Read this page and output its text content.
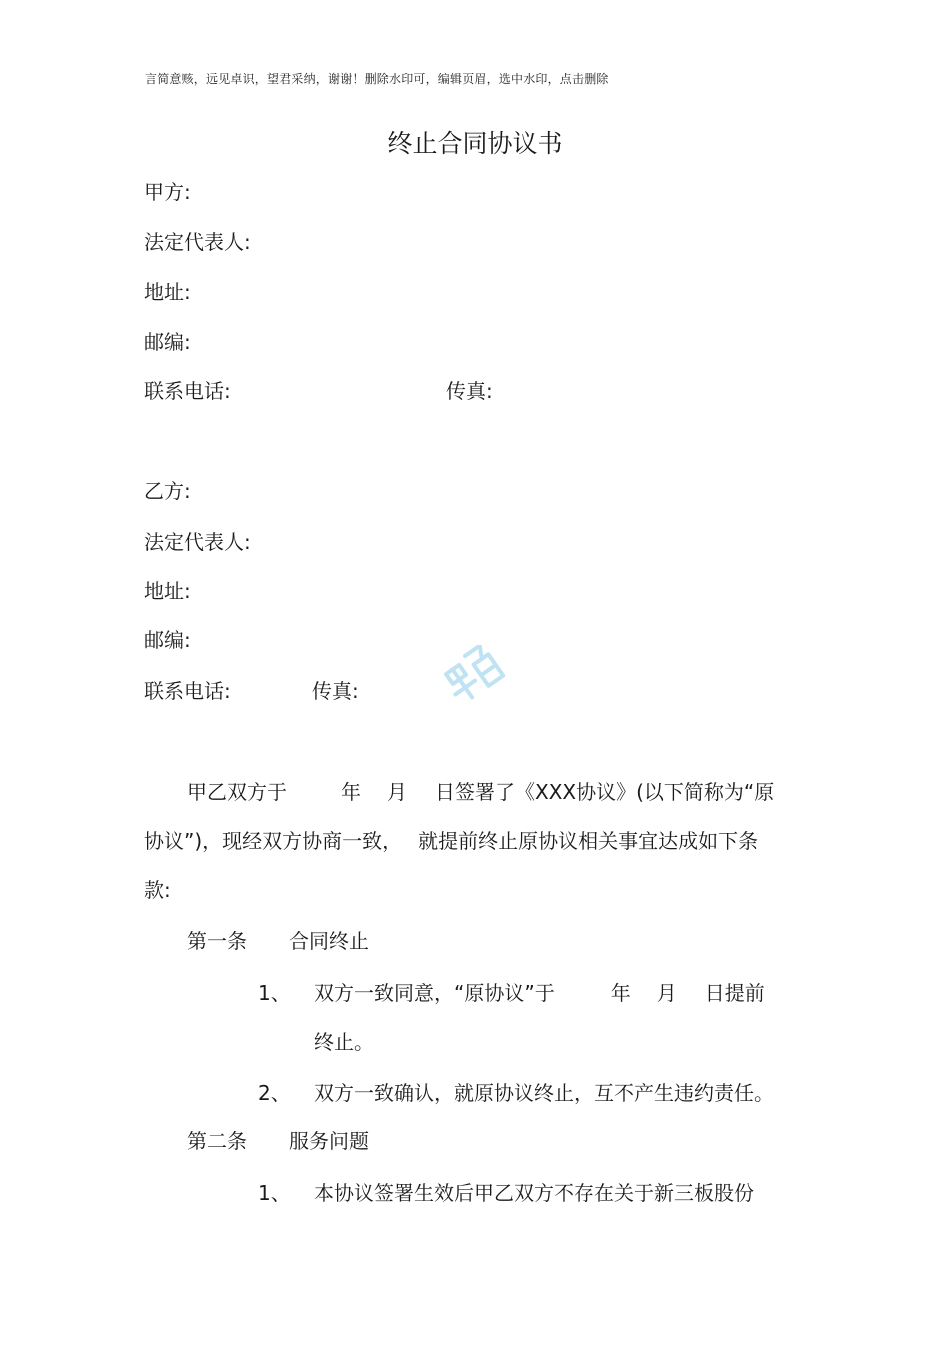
言简意赅，远见卓识，望君采纳，谢谢！删除水印可，编辑页眉，选中水印，点击删除
终止合同协议书
甲方:
法定代表人:
地址:
邮编:
联系电话:	传真:
乙方:
法定代表人:
地址:
邮编:
联系电话:	传真:
甲乙双方于	年 月 日签署了《XXX协议》(以下简称为“原
协议”)，现经双方协商一致， 就提前终止原协议相关事宜达成如下条
款:
第一条 合同终止
1、 双方一致同意，“原协议”于	年 月 日提前
终止。
2、 双方一致确认，就原协议终止，互不产生违约责任。
第二条 服务问题
1、 本协议签署生效后甲乙双方不存在关于新三板股份
